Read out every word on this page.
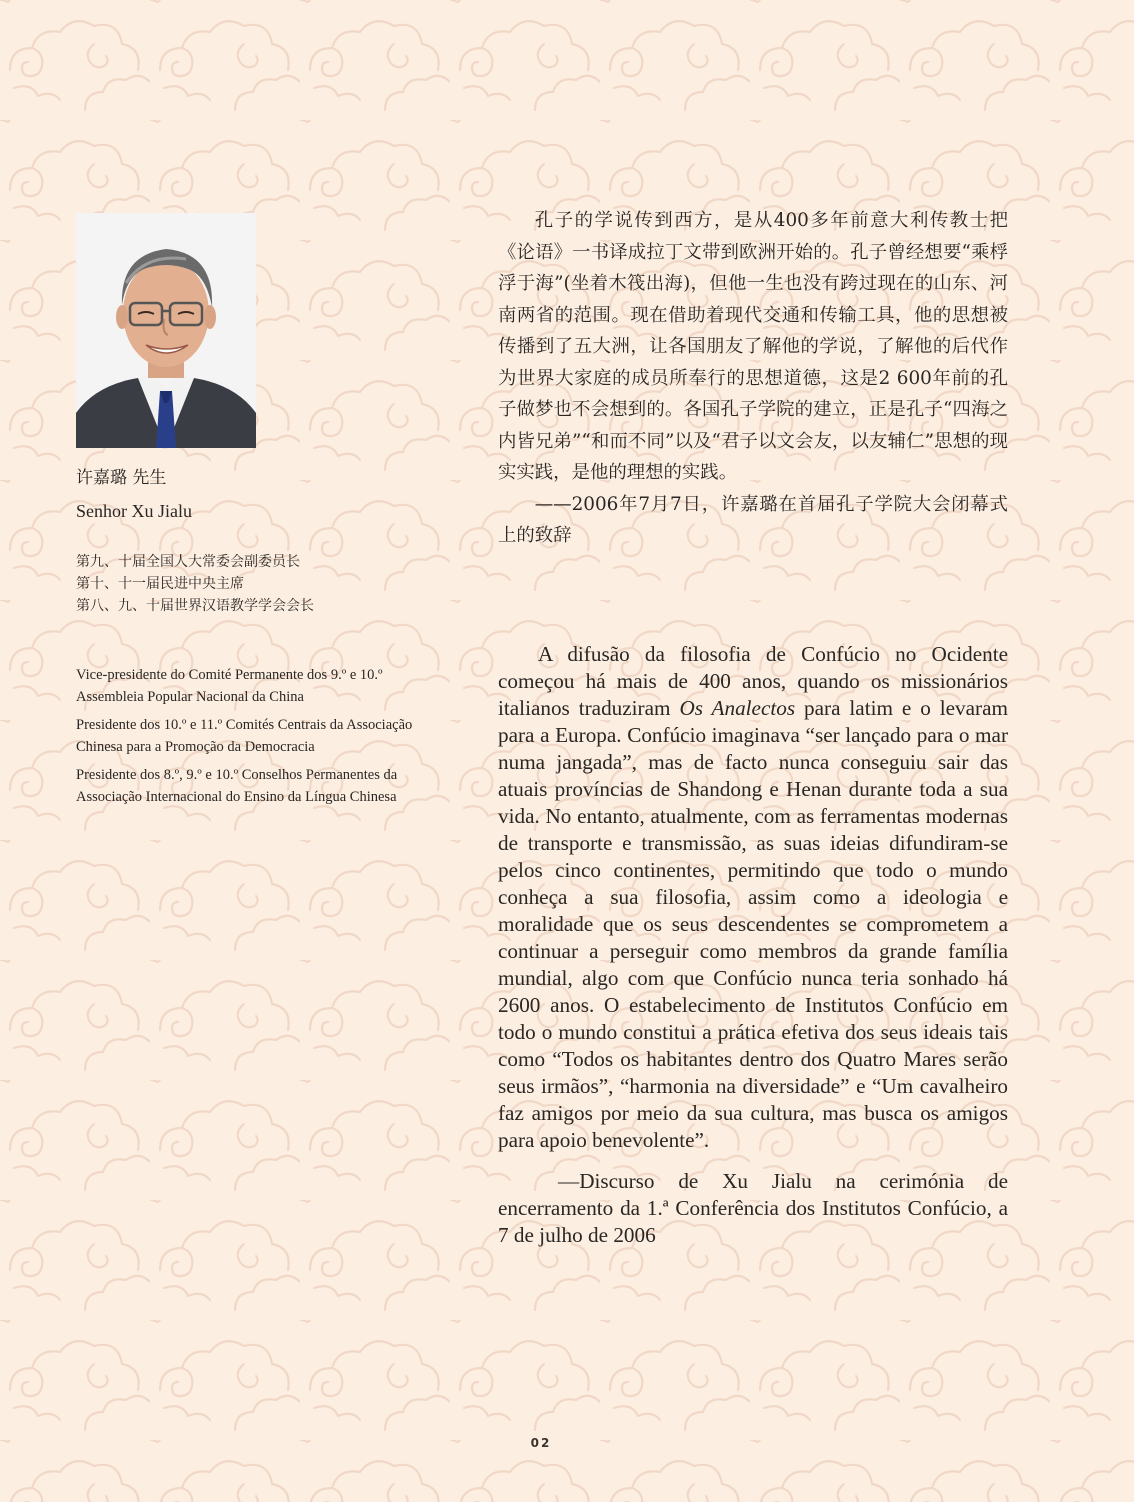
许嘉璐 先生
Senhor Xu Jialu
第九、十届全国人大常委会副委员长
第十、十一届民进中央主席
第八、九、十届世界汉语教学学会会长

Vice-presidente do Comité Permanente dos 9.º e 10.º Assembleia Popular Nacional da China

Presidente dos 10.º e 11.º Comités Centrais da Associação Chinesa para a Promoção da Democracia

Presidente dos 8.º, 9.º e 10.º Conselhos Permanentes da Associação Internacional do Ensino da Língua Chinesa

孔子的学说传到西方，是从400多年前意大利传教士把《论语》一书译成拉丁文带到欧洲开始的。孔子曾经想要“乘桴浮于海”(坐着木筏出海)，但他一生也没有跨过现在的山东、河南两省的范围。现在借助着现代交通和传输工具，他的思想被传播到了五大洲，让各国朋友了解他的学说，了解他的后代作为世界大家庭的成员所奉行的思想道德，这是2 600年前的孔子做梦也不会想到的。各国孔子学院的建立，正是孔子“四海之内皆兄弟”“和而不同”以及“君子以文会友，以友辅仁”思想的现实实践，是他的理想的实践。

——2006年7月7日，许嘉璐在首届孔子学院大会闭幕式上的致辞

A difusão da filosofia de Confúcio no Ocidente começou há mais de 400 anos, quando os missionários italianos traduziram Os Analectos para latim e o levaram para a Europa. Confúcio imaginava “ser lançado para o mar numa jangada”, mas de facto nunca conseguiu sair das atuais províncias de Shandong e Henan durante toda a sua vida. No entanto, atualmente, com as ferramentas modernas de transporte e transmissão, as suas ideias difundiram-se pelos cinco continentes, permitindo que todo o mundo conheça a sua filosofia, assim como a ideologia e moralidade que os seus descendentes se comprometem a continuar a perseguir como membros da grande família mundial, algo com que Confúcio nunca teria sonhado há 2600 anos. O estabelecimento de Institutos Confúcio em todo o mundo constitui a prática efetiva dos seus ideais tais como “Todos os habitantes dentro dos Quatro Mares serão seus irmãos”, “harmonia na diversidade” e “Um cavalheiro faz amigos por meio da sua cultura, mas busca os amigos para apoio benevolente”.

—Discurso de Xu Jialu na cerimónia de encerramento da 1.ª Conferência dos Institutos Confúcio, a 7 de julho de 2006

02
